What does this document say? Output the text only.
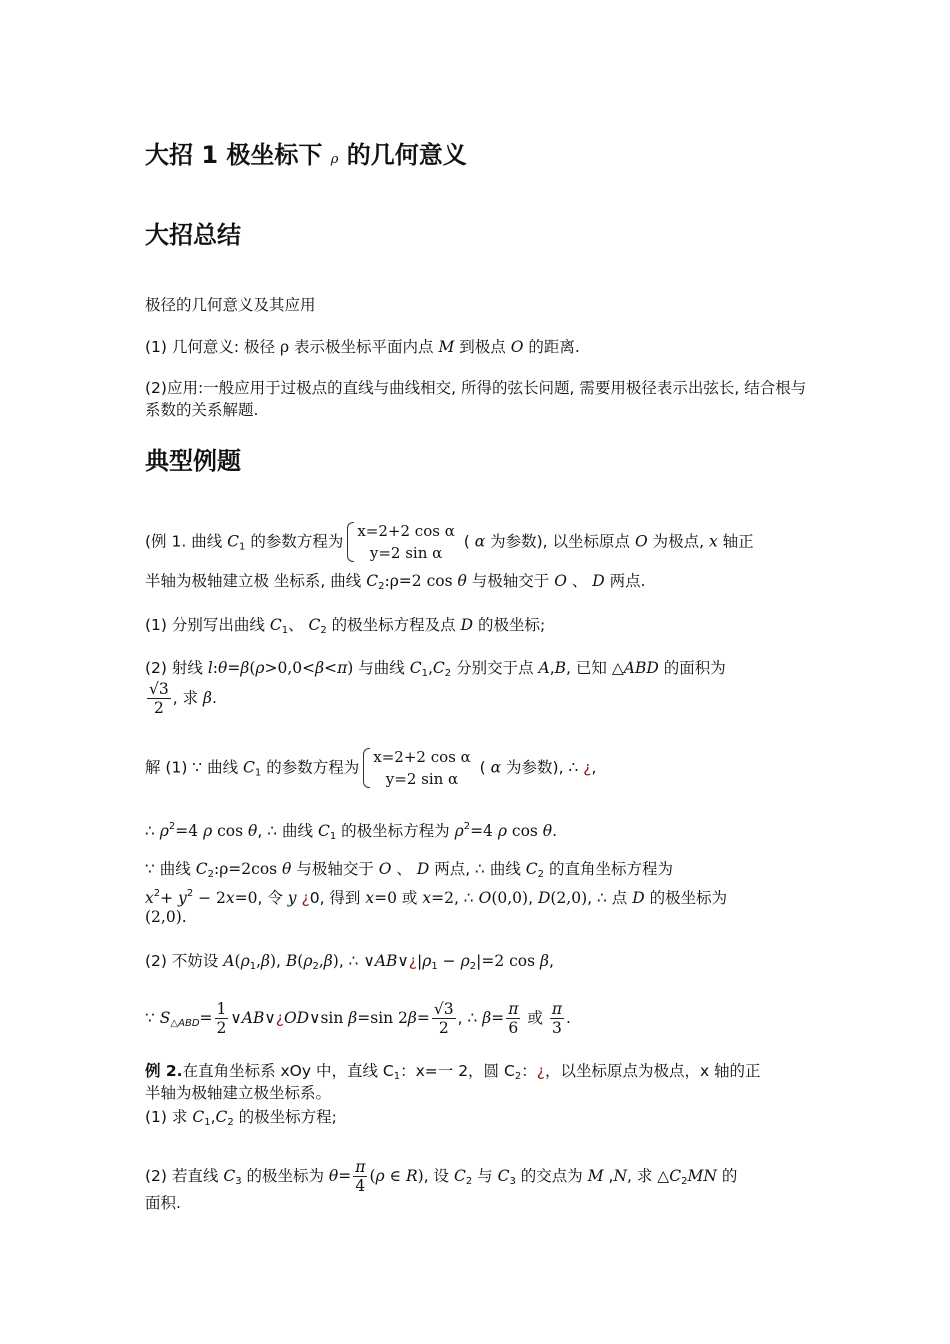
大招 1 极坐标下 ρ 的几何意义
大招总结
极径的几何意义及其应用
(1) 几何意义: 极径 ρ 表示极坐标平面内点 M 到极点 O 的距离.
(2)应用:一般应用于过极点的直线与曲线相交, 所得的弦长问题, 需要用极径表示出弦长, 结合根与 系数的关系解题.
典型例题
(例 1. 曲线 $C_1$ 的参数方程为
x=2+2 cos α
y=2 sin α
( α 为参数), 以坐标原点 O 为极点, x 轴正
半轴为极轴建立极 坐标系, 曲线 $C_2:\rho=2$ cos θ 与极轴交于 O 、 D 两点.
(1) 分别写出曲线 $C_1$、 $C_2$ 的极坐标方程及点 D 的极坐标;
(2) 射线 l:θ=β(ρ>0,0<β<π) 与曲线 $C_1,C_2$ 分别交于点 A,B, 已知 △ABD 的面积为
$\frac{√3}{2}$ , 求 β.
解 (1) ∵ 曲线 $C_1$ 的参数方程为
x=2+2 cos α
y=2 sin α
( α 为参数), ∴ ¿,
∴ $\rho^2=4$ ρ cos θ, ∴ 曲线 $C_1$ 的极坐标方程为 $\rho^2=4$ ρ cos θ.
∵ 曲线 $C_2:\rho=2\cos$ θ 与极轴交于 O 、 D 两点, ∴ 曲线 $C_2$ 的直角坐标方程为
$x^2+ y^2 - 2x=0$, 令 y ¿0, 得到 x=0 或 x=2, ∴ O(0,0), D(2,0), ∴ 点 D 的极坐标为
(2,0).
(2) 不妨设 $A(\rho_1,\beta)$, $B(\rho_2,\beta)$, ∴ $\vee AB\vee¿|\rho_1 - \rho_2|=2$ cos β,
∵ $S_{\triangle ABD}= \frac{1}{2}$ ∨AB∨¿OD∨sin β=sin $2\beta= \frac{√3}{2}$ , ∴ $\beta= \frac{\pi}{6}$ 或 $\frac{\pi}{3}$ .
例 2.在直角坐标系 xOy 中，直线 $C_1$：x=一 2，圆 $C_2$：¿，以坐标原点为极点，x 轴的正
半轴为极轴建立极坐标系。
(1) 求 $C_1,C_2$ 的极坐标方程;
(2) 若直线 $C_3$ 的极坐标为 $\theta= \frac{\pi}{4} (\rho$ ∈ R), 设 $C_2$ 与 $C_3$ 的交点为 M ,N, 求 $\triangle C_2MN$ 的
面积.
